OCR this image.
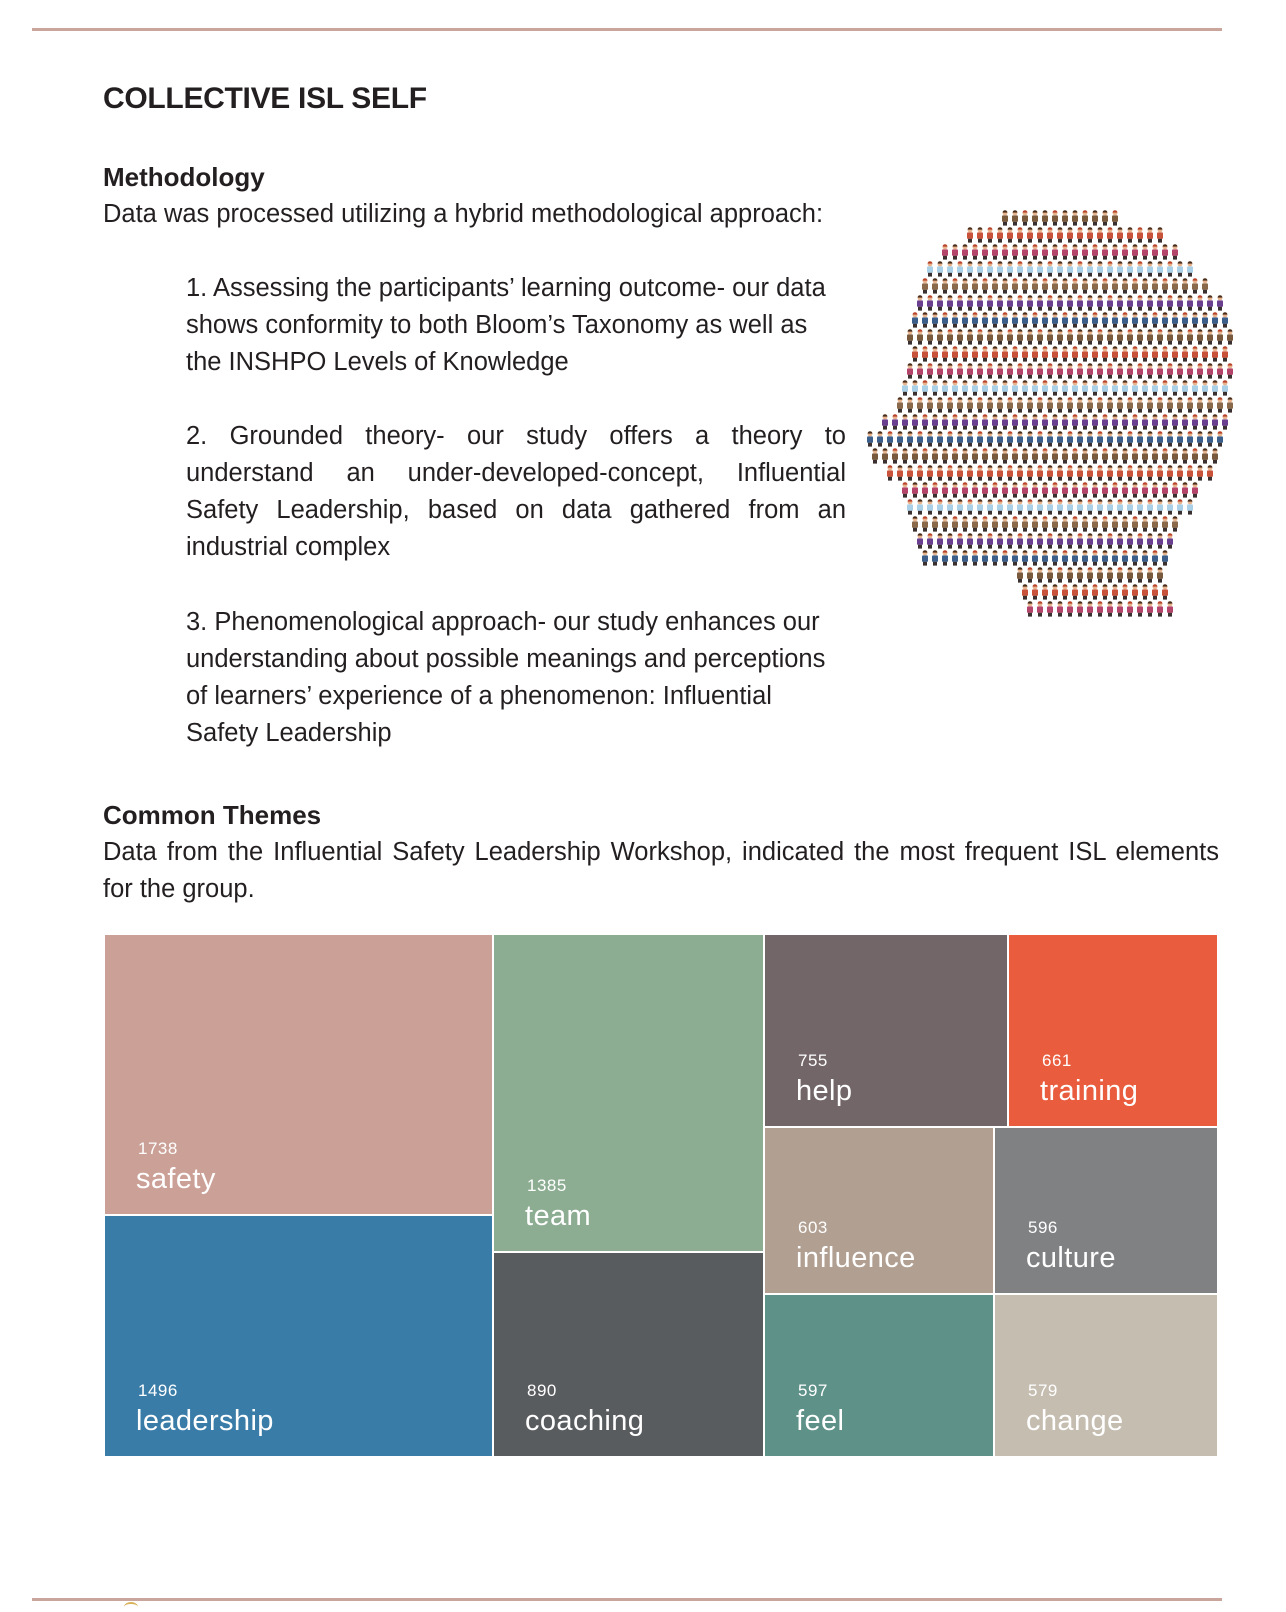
COLLECTIVE ISL SELF
Methodology

Data was processed utilizing a hybrid methodological approach:

1. Assessing the participants’ learning outcome- our data shows conformity to both Bloom’s Taxonomy as well as the INSHPO Levels of Knowledge

2. Grounded theory- our study offers a theory to understand an under-developed-concept, Influential Safety Leadership, based on data gathered from an industrial complex

3. Phenomenological approach- our study enhances our understanding about possible meanings and perceptions of learners’ experience of a phenomenon: Influential Safety Leadership

Common Themes

Data from the Influential Safety Leadership Workshop, indicated the most frequent ISL elements for the group.

1738
safety
1496
leadership
1385
team
890
coaching
755
help
661
training
603
influence
596
culture
597
feel
579
change
